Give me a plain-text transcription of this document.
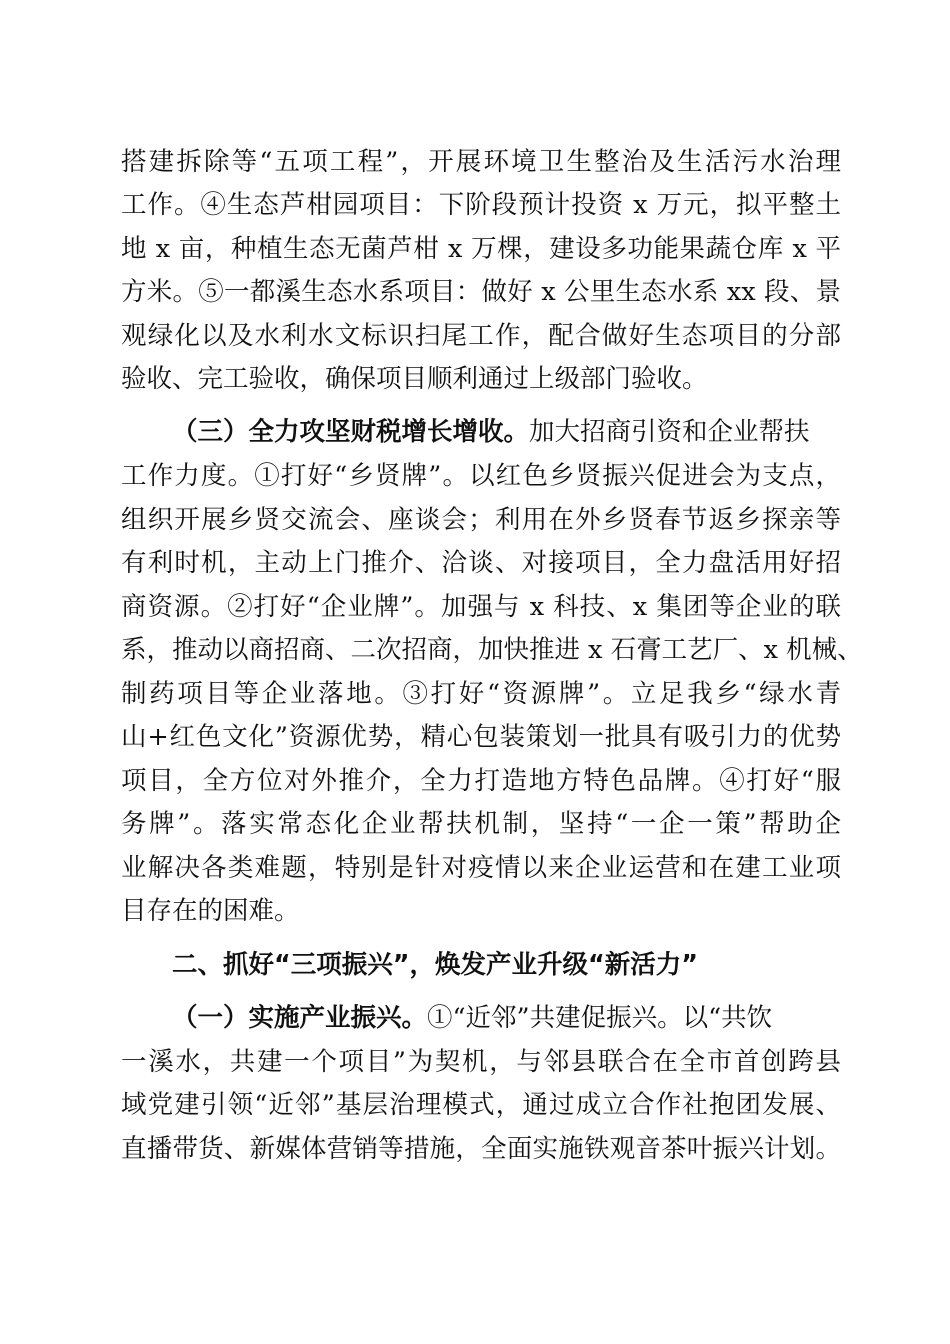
搭建拆除等“五项工程”，开展环境卫生整治及生活污水治理
工作。④生态芦柑园项目：下阶段预计投资 x 万元，拟平整土
地 x 亩，种植生态无菌芦柑 x 万棵，建设多功能果蔬仓库 x 平
方米。⑤一都溪生态水系项目：做好 x 公里生态水系 xx 段、景
观绿化以及水利水文标识扫尾工作，配合做好生态项目的分部
验收、完工验收，确保项目顺利通过上级部门验收。
（三）全力攻坚财税增长增收。加大招商引资和企业帮扶
工作力度。①打好“乡贤牌”。以红色乡贤振兴促进会为支点，
组织开展乡贤交流会、座谈会；利用在外乡贤春节返乡探亲等
有利时机，主动上门推介、洽谈、对接项目，全力盘活用好招
商资源。②打好“企业牌”。加强与 x 科技、x 集团等企业的联
系，推动以商招商、二次招商，加快推进 x 石膏工艺厂、x 机械、
制药项目等企业落地。③打好“资源牌”。立足我乡“绿水青
山+红色文化”资源优势，精心包装策划一批具有吸引力的优势
项目，全方位对外推介，全力打造地方特色品牌。④打好“服
务牌”。落实常态化企业帮扶机制，坚持“一企一策”帮助企
业解决各类难题，特别是针对疫情以来企业运营和在建工业项
目存在的困难。
二、抓好“三项振兴”，焕发产业升级“新活力”
（一）实施产业振兴。①“近邻”共建促振兴。以“共饮
一溪水，共建一个项目”为契机，与邻县联合在全市首创跨县
域党建引领“近邻”基层治理模式，通过成立合作社抱团发展、
直播带货、新媒体营销等措施，全面实施铁观音茶叶振兴计划。
